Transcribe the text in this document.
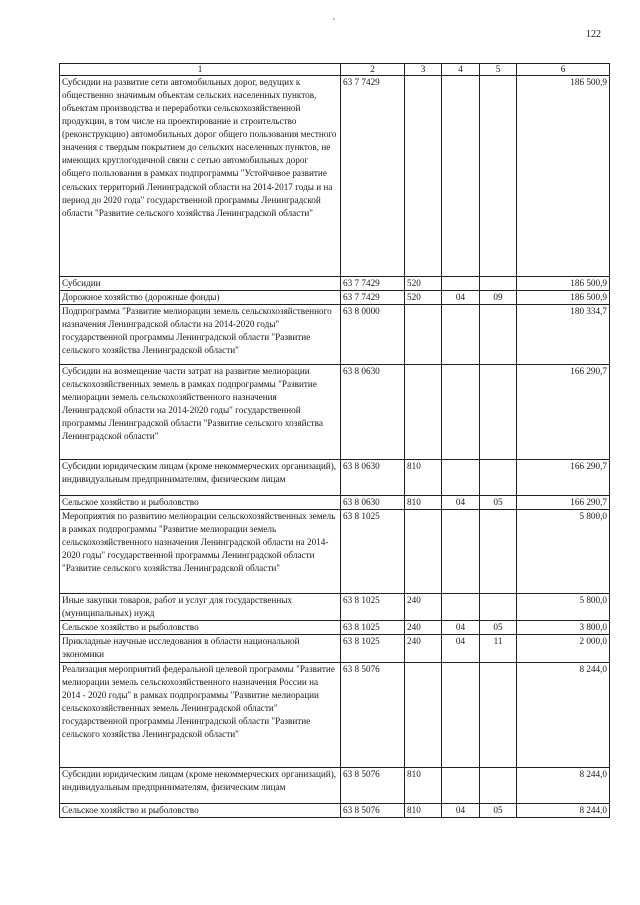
,
122
1	2	3	4	5	6
Субсидии на развитие сети автомобильных дорог, ведущих к общественно значимым объектам сельских населенных пунктов, объектам производства и переработки сельскохозяйственной продукции, в том числе на проектирование и строительство (реконструкцию) автомобильных дорог общего пользования местного значения с твердым покрытием до сельских населенных пунктов, не имеющих круглогодичной связи с сетью автомобильных дорог общего пользования в рамках подпрограммы "Устойчивое развитие сельских территорий Ленинградской области на 2014-2017 годы и на период до 2020 года" государственной программы Ленинградской области "Развитие сельского хозяйства Ленинградской области"	63 7 7429				186 500,9
Субсидии	63 7 7429	520			186 500,9
Дорожное хозяйство (дорожные фонды)	63 7 7429	520	04	09	186 500,9
Подпрограмма "Развитие мелиорации земель сельскохозяйственного назначения Ленинградской области на 2014-2020 годы" государственной программы Ленинградской области "Развитие сельского хозяйства Ленинградской области"	63 8 0000				180 334,7
Субсидии на возмещение части затрат на развитие мелиорации сельскохозяйственных земель в рамках подпрограммы "Развитие мелиорации земель сельскохозяйственного назначения Ленинградской области на 2014-2020 годы" государственной программы Ленинградской области "Развитие сельского хозяйства Ленинградской области"	63 8 0630				166 290,7
Субсидии юридическим лицам (кроме некоммерческих организаций), индивидуальным предпринимателям, физическим лицам	63 8 0630	810			166 290,7
Сельское хозяйство и рыболовство	63 8 0630	810	04	05	166 290,7
Мероприятия по развитию мелиорации сельскохозяйственных земель в рамках подпрограммы "Развитие мелиорации земель сельскохозяйственного назначения Ленинградской области на 2014-2020 годы" государственной программы Ленинградской области "Развитие сельского хозяйства Ленинградской области"	63 8 1025				5 800,0
Иные закупки товаров, работ и услуг для государственных (муниципальных) нужд	63 8 1025	240			5 800,0
Сельское хозяйство и рыболовство	63 8 1025	240	04	05	3 800,0
Прикладные научные исследования в области национальной экономики	63 8 1025	240	04	11	2 000,0
Реализация мероприятий федеральной целевой программы "Развитие мелиорации земель сельскохозяйственного назначения России на 2014 - 2020 годы" в рамках подпрограммы "Развитие мелиорации сельскохозяйственных земель Ленинградской области" государственной программы Ленинградской области "Развитие сельского хозяйства Ленинградской области"	63 8 5076				8 244,0
Субсидии юридическим лицам (кроме некоммерческих организаций), индивидуальным предпринимателям, физическим лицам	63 8 5076	810			8 244,0
Сельское хозяйство и рыболовство	63 8 5076	810	04	05	8 244,0
